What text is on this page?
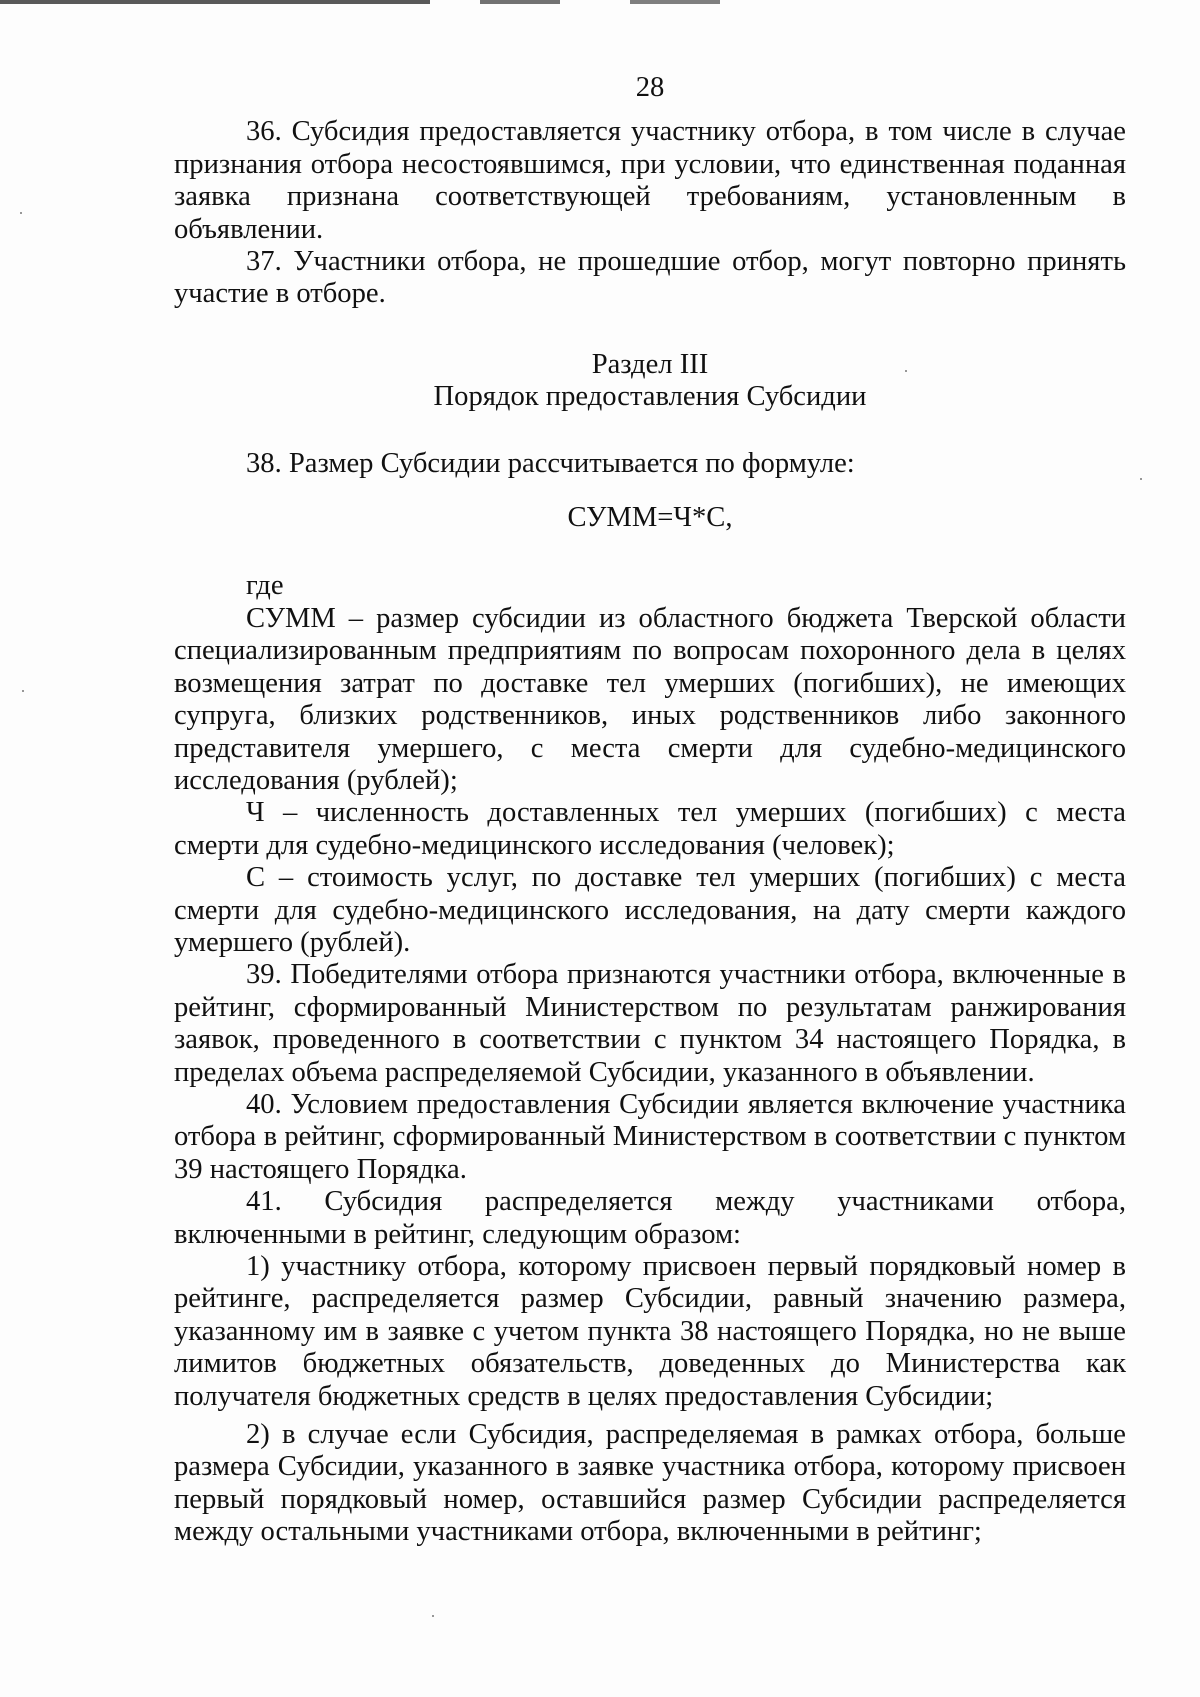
28

36. Субсидия предоставляется участнику отбора, в том числе в случае признания отбора несостоявшимся, при условии, что единственная поданная заявка признана соответствующей требованиям, установленным в объявлении.

37. Участники отбора, не прошедшие отбор, могут повторно принять участие в отборе.

Раздел III

Порядок предоставления Субсидии

38. Размер Субсидии рассчитывается по формуле:

СУММ=Ч*С,

где

СУММ – размер субсидии из областного бюджета Тверской области специализированным предприятиям по вопросам похоронного дела в целях возмещения затрат по доставке тел умерших (погибших), не имеющих супруга, близких родственников, иных родственников либо законного представителя умершего, с места смерти для судебно-медицинского исследования (рублей);

Ч – численность доставленных тел умерших (погибших) с места смерти для судебно-медицинского исследования (человек);

С – стоимость услуг, по доставке тел умерших (погибших) с места смерти для судебно-медицинского исследования, на дату смерти каждого умершего (рублей).

39. Победителями отбора признаются участники отбора, включенные в рейтинг, сформированный Министерством по результатам ранжирования заявок, проведенного в соответствии с пунктом 34 настоящего Порядка, в пределах объема распределяемой Субсидии, указанного в объявлении.

40. Условием предоставления Субсидии является включение участника отбора в рейтинг, сформированный Министерством в соответствии с пунктом 39 настоящего Порядка.

41. Субсидия распределяется между участниками отбора, включенными в рейтинг, следующим образом:

1) участнику отбора, которому присвоен первый порядковый номер в рейтинге, распределяется размер Субсидии, равный значению размера, указанному им в заявке с учетом пункта 38 настоящего Порядка, но не выше лимитов бюджетных обязательств, доведенных до Министерства как получателя бюджетных средств в целях предоставления Субсидии;

2) в случае если Субсидия, распределяемая в рамках отбора, больше размера Субсидии, указанного в заявке участника отбора, которому присвоен первый порядковый номер, оставшийся размер Субсидии распределяется между остальными участниками отбора, включенными в рейтинг;
